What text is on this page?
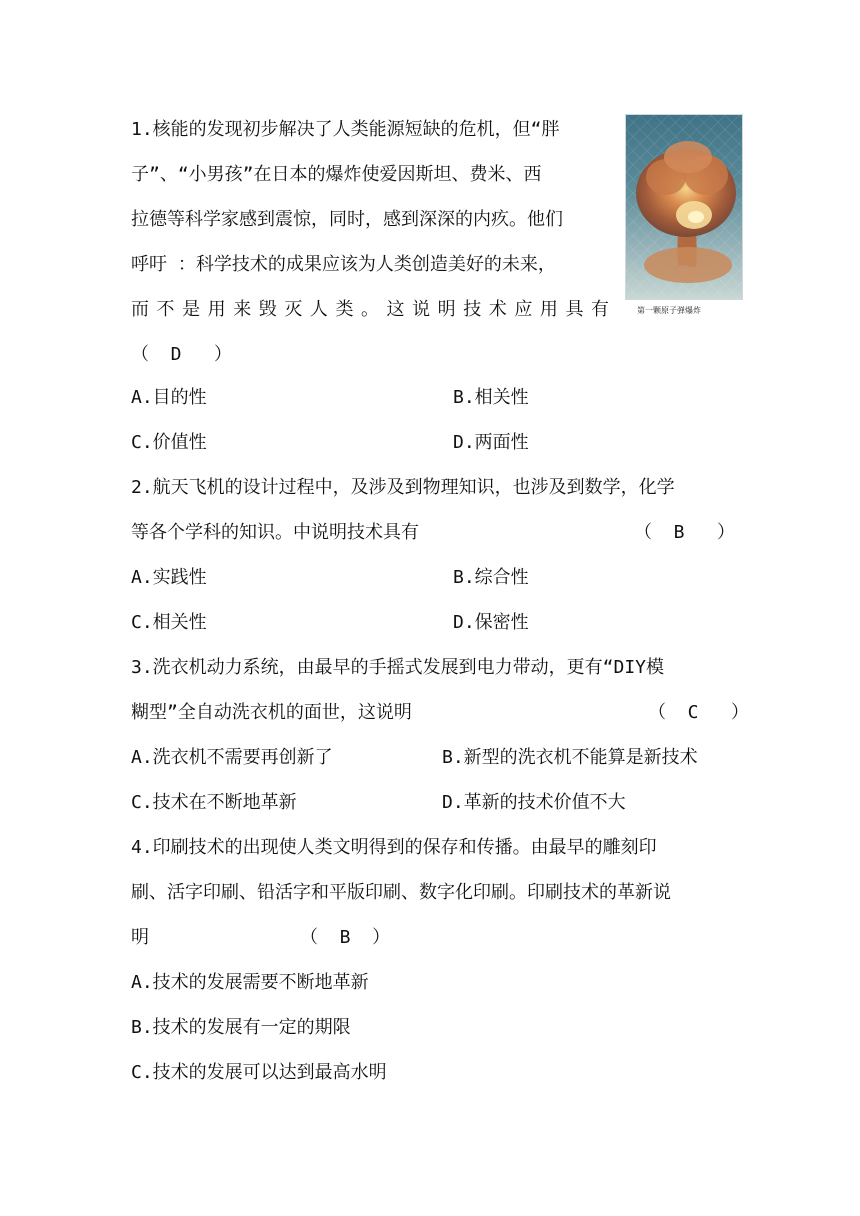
1.核能的发现初步解决了人类能源短缺的危机，但“胖
子”、“小男孩”在日本的爆炸使爱因斯坦、费米、西
拉德等科学家感到震惊，同时，感到深深的内疚。他们
呼吁 ：科学技术的成果应该为人类创造美好的未来，
而不是用来毁灭人类。这说明技术应用具有
（  D   ）
第一颗原子弹爆炸
A.目的性	B.相关性
C.价值性	D.两面性
2.航天飞机的设计过程中，及涉及到物理知识，也涉及到数学，化学
等各个学科的知识。中说明技术具有	（  B   ）
A.实践性	B.综合性
C.相关性	D.保密性
3.洗衣机动力系统，由最早的手摇式发展到电力带动，更有“DIY模
糊型”全自动洗衣机的面世，这说明	（  C   ）
A.洗衣机不需要再创新了	B.新型的洗衣机不能算是新技术
C.技术在不断地革新	D.革新的技术价值不大
4.印刷技术的出现使人类文明得到的保存和传播。由最早的雕刻印
刷、活字印刷、铅活字和平版印刷、数字化印刷。印刷技术的革新说
明	（  B  ）
A.技术的发展需要不断地革新
B.技术的发展有一定的期限
C.技术的发展可以达到最高水明
